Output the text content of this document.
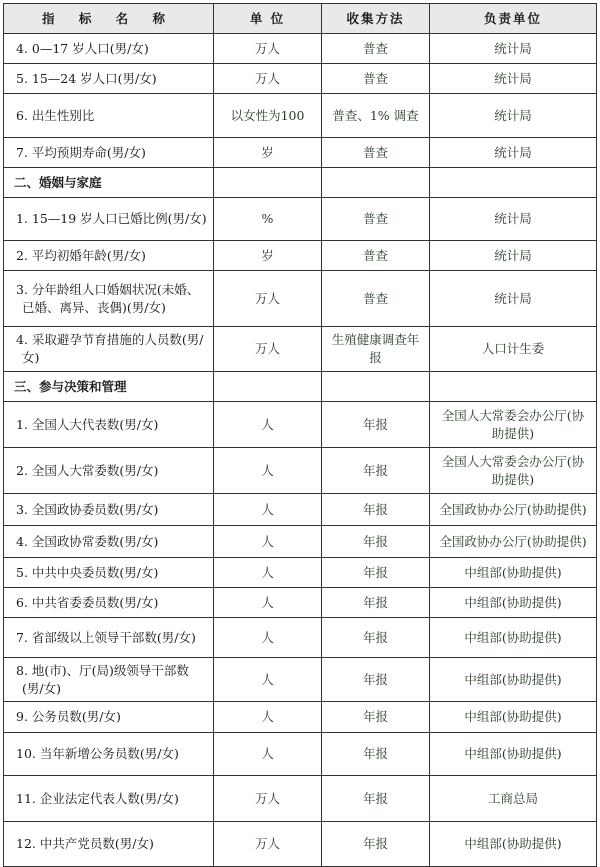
指 标 名 称	单 位	收集方法	负责单位
4. 0—17 岁人口(男/女)	万人	普查	统计局
5. 15—24 岁人口(男/女)	万人	普查	统计局
6. 出生性别比	以女性为100	普查、1% 调查	统计局
7. 平均预期寿命(男/女)	岁	普查	统计局
二、婚姻与家庭			
1. 15—19 岁人口已婚比例(男/女)	%	普查	统计局
2. 平均初婚年龄(男/女)	岁	普查	统计局
3. 分年龄组人口婚姻状况(未婚、已婚、离异、丧偶)(男/女)	万人	普查	统计局
4. 采取避孕节育措施的人员数(男/女)	万人	生殖健康调查年报	人口计生委
三、参与决策和管理			
1. 全国人大代表数(男/女)	人	年报	全国人大常委会办公厅(协助提供)
2. 全国人大常委数(男/女)	人	年报	全国人大常委会办公厅(协助提供)
3. 全国政协委员数(男/女)	人	年报	全国政协办公厅(协助提供)
4. 全国政协常委数(男/女)	人	年报	全国政协办公厅(协助提供)
5. 中共中央委员数(男/女)	人	年报	中组部(协助提供)
6. 中共省委委员数(男/女)	人	年报	中组部(协助提供)
7. 省部级以上领导干部数(男/女)	人	年报	中组部(协助提供)
8. 地(市)、厅(局)级领导干部数(男/女)	人	年报	中组部(协助提供)
9. 公务员数(男/女)	人	年报	中组部(协助提供)
10. 当年新增公务员数(男/女)	人	年报	中组部(协助提供)
11. 企业法定代表人数(男/女)	万人	年报	工商总局
12. 中共产党员数(男/女)	万人	年报	中组部(协助提供)
